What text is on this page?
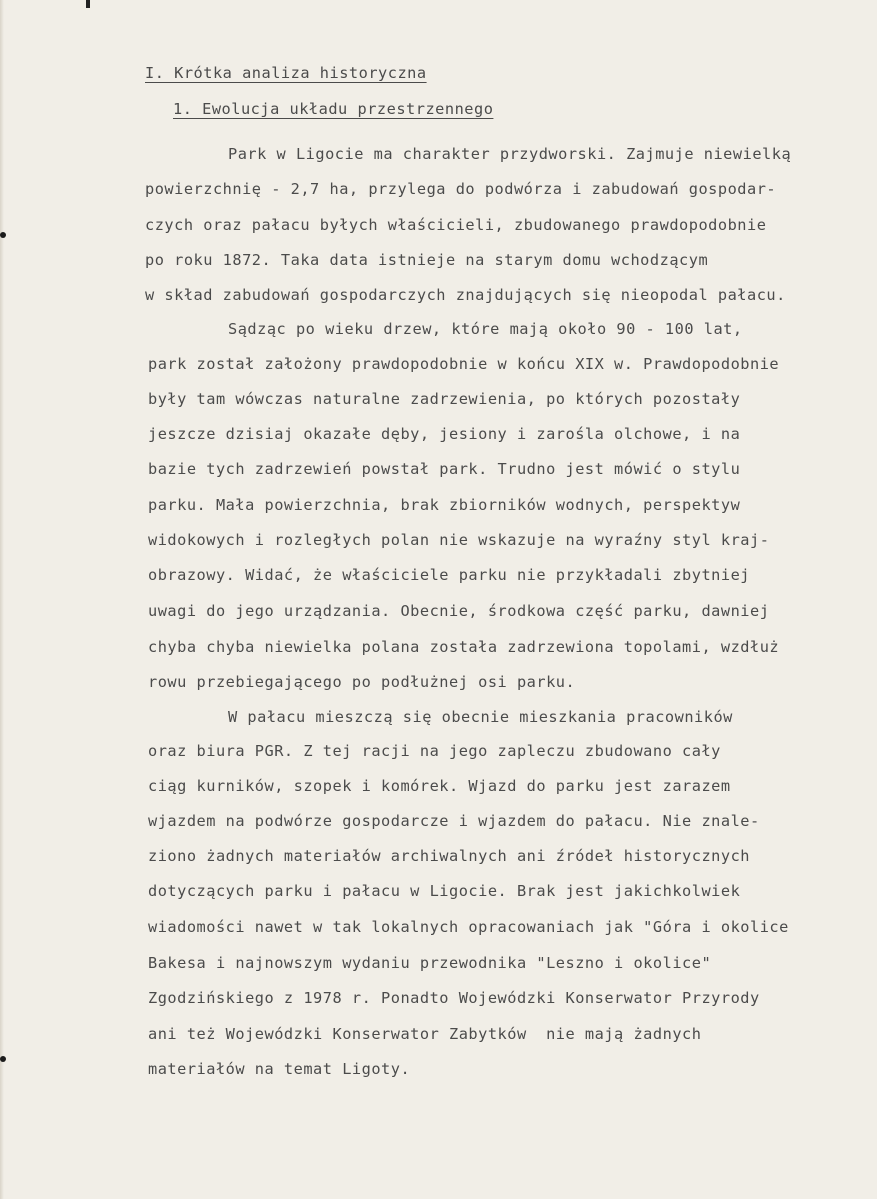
I. Krótka analiza historyczna
1. Ewolucja układu przestrzennego
Park w Ligocie ma charakter przydworski. Zajmuje niewielką
powierzchnię - 2,7 ha, przylega do podwórza i zabudowań gospodar-
czych oraz pałacu byłych właścicieli, zbudowanego prawdopodobnie
po roku 1872. Taka data istnieje na starym domu wchodzącym
w skład zabudowań gospodarczych znajdujących się nieopodal pałacu.
Sądząc po wieku drzew, które mają około 90 - 100 lat,
park został założony prawdopodobnie w końcu XIX w. Prawdopodobnie
były tam wówczas naturalne zadrzewienia, po których pozostały
jeszcze dzisiaj okazałe dęby, jesiony i zarośla olchowe, i na
bazie tych zadrzewień powstał park. Trudno jest mówić o stylu
parku. Mała powierzchnia, brak zbiorników wodnych, perspektyw
widokowych i rozległych polan nie wskazuje na wyraźny styl kraj-
obrazowy. Widać, że właściciele parku nie przykładali zbytniej
uwagi do jego urządzania. Obecnie, środkowa część parku, dawniej
chyba chyba niewielka polana została zadrzewiona topolami, wzdłuż
rowu przebiegającego po podłużnej osi parku.
W pałacu mieszczą się obecnie mieszkania pracowników
oraz biura PGR. Z tej racji na jego zapleczu zbudowano cały
ciąg kurników, szopek i komórek. Wjazd do parku jest zarazem
wjazdem na podwórze gospodarcze i wjazdem do pałacu. Nie znale-
ziono żadnych materiałów archiwalnych ani źródeł historycznych
dotyczących parku i pałacu w Ligocie. Brak jest jakichkolwiek
wiadomości nawet w tak lokalnych opracowaniach jak "Góra i okolice
Bakesa i najnowszym wydaniu przewodnika "Leszno i okolice"
Zgodzińskiego z 1978 r. Ponadto Wojewódzki Konserwator Przyrody
ani też Wojewódzki Konserwator Zabytków  nie mają żadnych
materiałów na temat Ligoty.
